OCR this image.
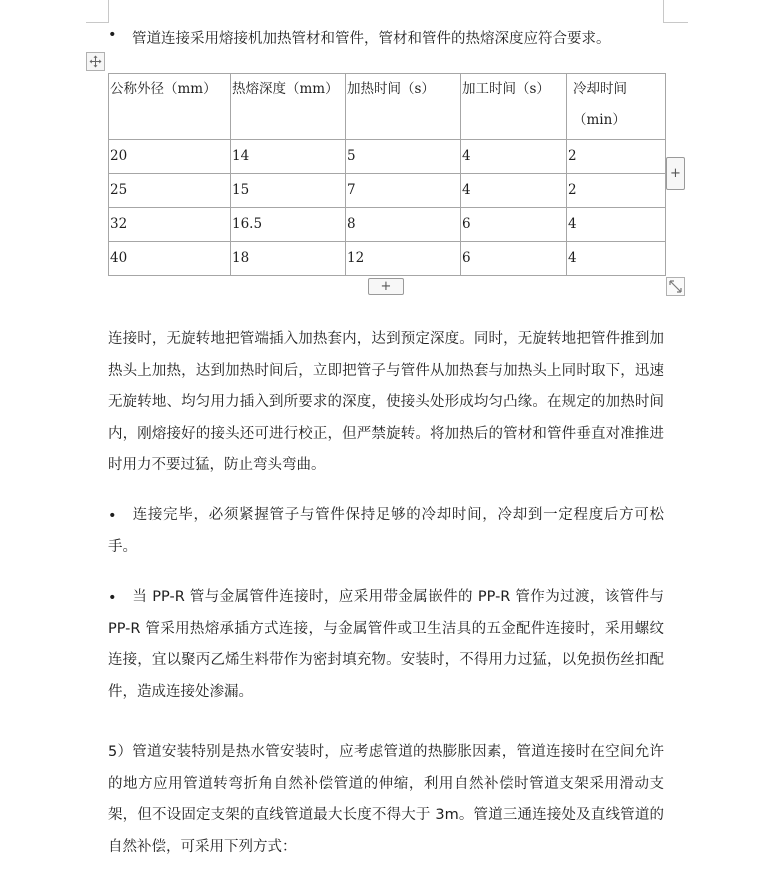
• 管道连接采用熔接机加热管材和管件，管材和管件的热熔深度应符合要求。

公称外径（mm）	热熔深度（mm）	加热时间（s）	加工时间（s）	冷却时间（min）
20	14	5	4	2
25	15	7	4	2
32	16.5	8	6	4
40	18	12	6	4
+
+

连接时，无旋转地把管端插入加热套内，达到预定深度。同时，无旋转地把管件推到加热头上加热，达到加热时间后，立即把管子与管件从加热套与加热头上同时取下，迅速无旋转地、均匀用力插入到所要求的深度，使接头处形成均匀凸缘。在规定的加热时间内，刚熔接好的接头还可进行校正，但严禁旋转。将加热后的管材和管件垂直对准推进时用力不要过猛，防止弯头弯曲。

•	连接完毕，必须紧握管子与管件保持足够的冷却时间，冷却到一定程度后方可松手。

•	当 PP-R 管与金属管件连接时，应采用带金属嵌件的 PP-R 管作为过渡，该管件与 PP-R 管采用热熔承插方式连接，与金属管件或卫生洁具的五金配件连接时，采用螺纹连接，宜以聚丙乙烯生料带作为密封填充物。安装时，不得用力过猛，以免损伤丝扣配件，造成连接处渗漏。

5）管道安装特别是热水管安装时，应考虑管道的热膨胀因素，管道连接时在空间允许的地方应用管道转弯折角自然补偿管道的伸缩，利用自然补偿时管道支架采用滑动支架，但不设固定支架的直线管道最大长度不得大于 3m。管道三通连接处及直线管道的自然补偿，可采用下列方式：
